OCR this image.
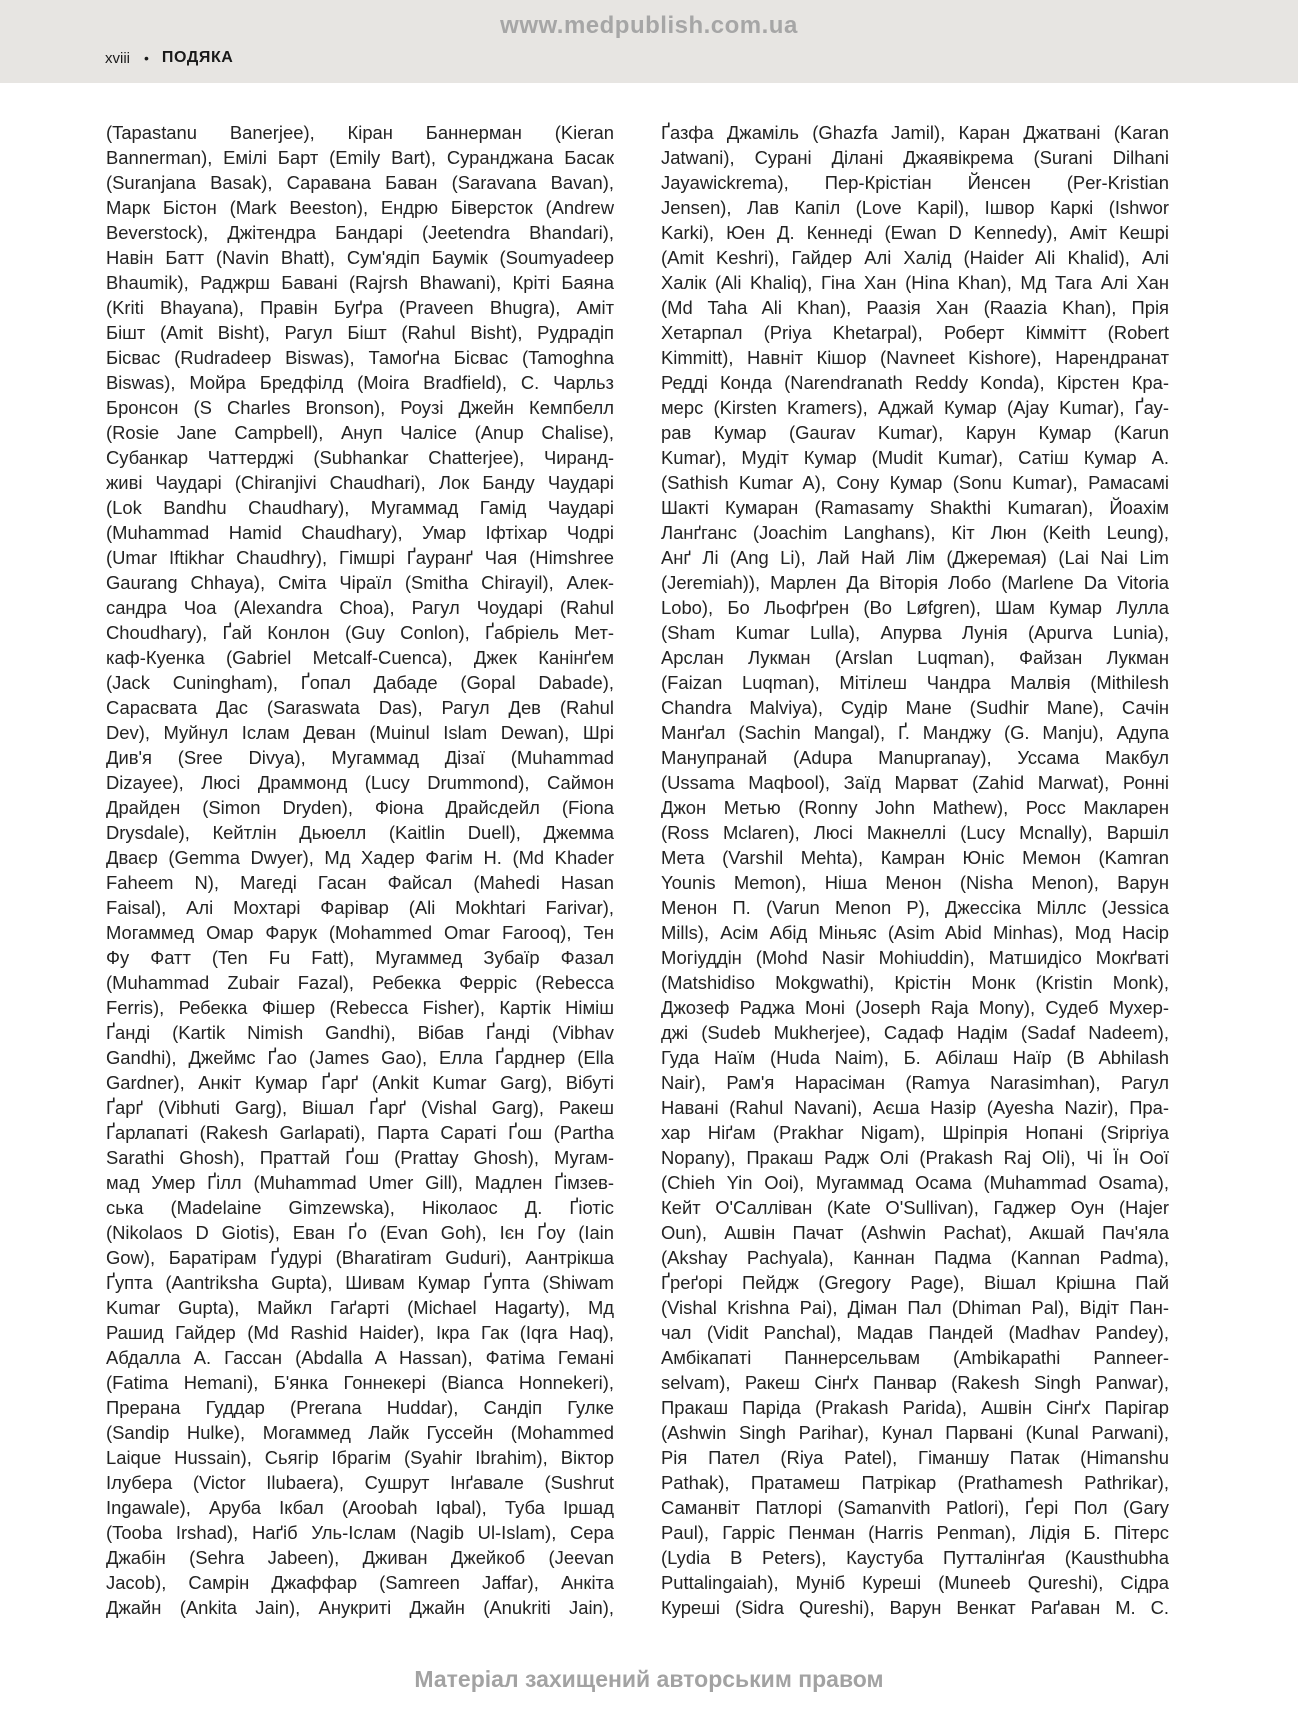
www.medpublish.com.ua
xviii • ПОДЯКА
(Tapastanu Banerjee), Кіран Баннерман (Kieran
Bannerman), Емілі Барт (Emily Bart), Суранджана Басак
(Suranjana Basak), Саравана Баван (Saravana Bavan),
Марк Бістон (Mark Beeston), Ендрю Біверсток (Andrew
Beverstock), Джітендра Бандарі (Jeetendra Bhandari),
Навін Батт (Navin Bhatt), Сум'ядіп Баумік (Soumyadeep
Bhaumik), Раджрш Бавані (Rajrsh Bhawani), Кріті Баяна
(Kriti Bhayana), Правін Буґра (Praveen Bhugra), Аміт
Бішт (Amit Bisht), Рагул Бішт (Rahul Bisht), Рудрадіп
Бісвас (Rudradeep Biswas), Тамоґна Бісвас (Tamoghna
Biswas), Мойра Бредфілд (Moira Bradfield), С. Чарльз
Бронсон (S Charles Bronson), Роузі Джейн Кемпбелл
(Rosie Jane Campbell), Ануп Чалісе (Anup Chalise),
Субанкар Чаттерджі (Subhankar Chatterjee), Чиранд-
живі Чаударі (Chiranjivi Chaudhari), Лок Банду Чаударі
(Lok Bandhu Chaudhary), Мугаммад Гамід Чаударі
(Muhammad Hamid Chaudhary), Умар Іфтіхар Чодрі
(Umar Iftikhar Chaudhry), Гімшрі Ґауранґ Чая (Himshree
Gaurang Chhaya), Сміта Чіраїл (Smitha Chirayil), Алек-
сандра Чоа (Alexandra Choa), Рагул Чоударі (Rahul
Choudhary), Ґай Конлон (Guy Conlon), Ґабріель Мет-
каф-Куенка (Gabriel Metcalf-Cuenca), Джек Канінґем
(Jack Cuningham), Ґопал Дабаде (Gopal Dabade),
Сарасвата Дас (Saraswata Das), Рагул Дев (Rahul
Dev), Муйнул Іслам Деван (Muinul Islam Dewan), Шрі
Див'я (Sree Divya), Мугаммад Дізаї (Muhammad
Dizayee), Люсі Драммонд (Lucy Drummond), Саймон
Драйден (Simon Dryden), Фіона Драйсдейл (Fiona
Drysdale), Кейтлін Дьюелл (Kaitlin Duell), Джемма
Дваєр (Gemma Dwyer), Мд Хадер Фагім Н. (Md Khader
Faheem N), Магеді Гасан Файсал (Mahedi Hasan
Faisal), Алі Мохтарі Фарівар (Ali Mokhtari Farivar),
Могаммед Омар Фарук (Mohammed Omar Farooq), Тен
Фу Фатт (Ten Fu Fatt), Мугаммед Зубаїр Фазал
(Muhammad Zubair Fazal), Ребекка Ферріс (Rebecca
Ferris), Ребекка Фішер (Rebecca Fisher), Картік Німіш
Ґанді (Kartik Nimish Gandhi), Вібав Ґанді (Vibhav
Gandhi), Джеймс Ґао (James Gao), Елла Ґарднер (Ella
Gardner), Анкіт Кумар Ґарґ (Ankit Kumar Garg), Вібуті
Ґарґ (Vibhuti Garg), Вішал Ґарґ (Vishal Garg), Ракеш
Ґарлапаті (Rakesh Garlapati), Парта Сараті Ґош (Partha
Sarathi Ghosh), Праттай Ґош (Prattay Ghosh), Мугам-
мад Умер Ґілл (Muhammad Umer Gill), Мадлен Ґімзев-
ська (Madelaine Gimzewska), Ніколаос Д. Ґіотіс
(Nikolaos D Giotis), Еван Ґо (Evan Goh), Ієн Ґоу (Iain
Gow), Баратірам Ґудурі (Bharatiram Guduri), Аантрікша
Ґупта (Aantriksha Gupta), Шивам Кумар Ґупта (Shiwam
Kumar Gupta), Майкл Гаґарті (Michael Hagarty), Мд
Рашид Гайдер (Md Rashid Haider), Ікра Гак (Iqra Haq),
Абдалла А. Гассан (Abdalla A Hassan), Фатіма Гемані
(Fatima Hemani), Б'янка Гоннекері (Bianca Honnekeri),
Прерана Гуддар (Prerana Huddar), Сандіп Гулке
(Sandip Hulke), Могаммед Лайк Гуссейн (Mohammed
Laique Hussain), Сьягір Ібрагім (Syahir Ibrahim), Віктор
Ілубера (Victor Ilubaera), Сушрут Інґавале (Sushrut
Ingawale), Аруба Ікбал (Aroobah Iqbal), Туба Іршад
(Tooba Irshad), Наґіб Уль-Іслам (Nagib Ul-Islam), Сера
Джабін (Sehra Jabeen), Дживан Джейкоб (Jeevan
Jacob), Самрін Джаффар (Samreen Jaffar), Анкіта
Джайн (Ankita Jain), Анукриті Джайн (Anukriti Jain),
Ґазфа Джаміль (Ghazfa Jamil), Каран Джатвані (Karan
Jatwani), Сурані Ділані Джаявікрема (Surani Dilhani
Jayawickrema), Пер-Крістіан Йенсен (Per-Kristian
Jensen), Лав Капіл (Love Kapil), Ішвор Каркі (Ishwor
Karki), Юен Д. Кеннеді (Ewan D Kennedy), Аміт Кешрі
(Amit Keshri), Гайдер Алі Халід (Haider Ali Khalid), Алі
Халік (Ali Khaliq), Гіна Хан (Hina Khan), Мд Тага Алі Хан
(Md Taha Ali Khan), Раазія Хан (Raazia Khan), Прія
Хетарпал (Priya Khetarpal), Роберт Кіммітт (Robert
Kimmitt), Навніт Кішор (Navneet Kishore), Нарендранат
Редді Конда (Narendranath Reddy Konda), Кірстен Кра-
мерс (Kirsten Kramers), Аджай Кумар (Ajay Kumar), Ґау-
рав Кумар (Gaurav Kumar), Карун Кумар (Karun
Kumar), Мудіт Кумар (Mudit Kumar), Сатіш Кумар А.
(Sathish Kumar A), Сону Кумар (Sonu Kumar), Рамасамі
Шакті Кумаран (Ramasamy Shakthi Kumaran), Йоахім
Ланґганс (Joachim Langhans), Кіт Люн (Keith Leung),
Анґ Лі (Ang Li), Лай Най Лім (Джеремая) (Lai Nai Lim
(Jeremiah)), Марлен Да Віторія Лобо (Marlene Da Vitoria
Lobo), Бо Льофґрен (Bo Løfgren), Шам Кумар Лулла
(Sham Kumar Lulla), Апурва Лунія (Apurva Lunia),
Арслан Лукман (Arslan Luqman), Файзан Лукман
(Faizan Luqman), Мітілеш Чандра Малвія (Mithilesh
Chandra Malviya), Судір Мане (Sudhir Mane), Сачін
Манґал (Sachin Mangal), Ґ. Манджу (G. Manju), Адупа
Манупранай (Adupa Manupranay), Уссама Макбул
(Ussama Maqbool), Заїд Марват (Zahid Marwat), Ронні
Джон Метью (Ronny John Mathew), Росс Макларен
(Ross Mclaren), Люсі Макнеллі (Lucy Mcnally), Варшіл
Мета (Varshil Mehta), Камран Юніс Мемон (Kamran
Younis Memon), Ніша Менон (Nisha Menon), Варун
Менон П. (Varun Menon P), Джессіка Міллс (Jessica
Mills), Асім Абід Міньяс (Asim Abid Minhas), Мод Насір
Могіуддін (Mohd Nasir Mohiuddin), Матшидісо Мокґваті
(Matshidiso Mokgwathi), Крістін Монк (Kristin Monk),
Джозеф Раджа Моні (Joseph Raja Mony), Судеб Мухер-
джі (Sudeb Mukherjee), Садаф Надім (Sadaf Nadeem),
Гуда Наїм (Huda Naim), Б. Абілаш Наїр (B Abhilash
Nair), Рам'я Нарасіман (Ramya Narasimhan), Рагул
Навані (Rahul Navani), Аєша Назір (Ayesha Nazir), Пра-
хар Ніґам (Prakhar Nigam), Шріпрія Нопані (Sripriya
Nopany), Пракаш Радж Олі (Prakash Raj Oli), Чі Їн Оої
(Chieh Yin Ooi), Мугаммад Осама (Muhammad Osama),
Кейт О'Салліван (Kate O'Sullivan), Гаджер Оун (Hajer
Oun), Ашвін Пачат (Ashwin Pachat), Акшай Пач'яла
(Akshay Pachyala), Каннан Падма (Kannan Padma),
Ґреґорі Пейдж (Gregory Page), Вішал Крішна Пай
(Vishal Krishna Pai), Діман Пал (Dhiman Pal), Відіт Пан-
чал (Vidit Panchal), Мадав Пандей (Madhav Pandey),
Амбікапаті Паннерсельвам (Ambikapathi Panneer-
selvam), Ракеш Сінґх Панвар (Rakesh Singh Panwar),
Пракаш Паріда (Prakash Parida), Ашвін Сінґх Парігар
(Ashwin Singh Parihar), Кунал Парвані (Kunal Parwani),
Рія Пател (Riya Patel), Гіманшу Патак (Himanshu
Pathak), Пратамеш Патрікар (Prathamesh Pathrikar),
Саманвіт Патлорі (Samanvith Patlori), Ґері Пол (Gary
Paul), Гарріс Пенман (Harris Penman), Лідія Б. Пітерс
(Lydia B Peters), Каустуба Путталінґая (Kausthubha
Puttalingaiah), Муніб Куреші (Muneeb Qureshi), Сідра
Куреші (Sidra Qureshi), Варун Венкат Раґаван М. С.
Матеріал захищений авторським правом
